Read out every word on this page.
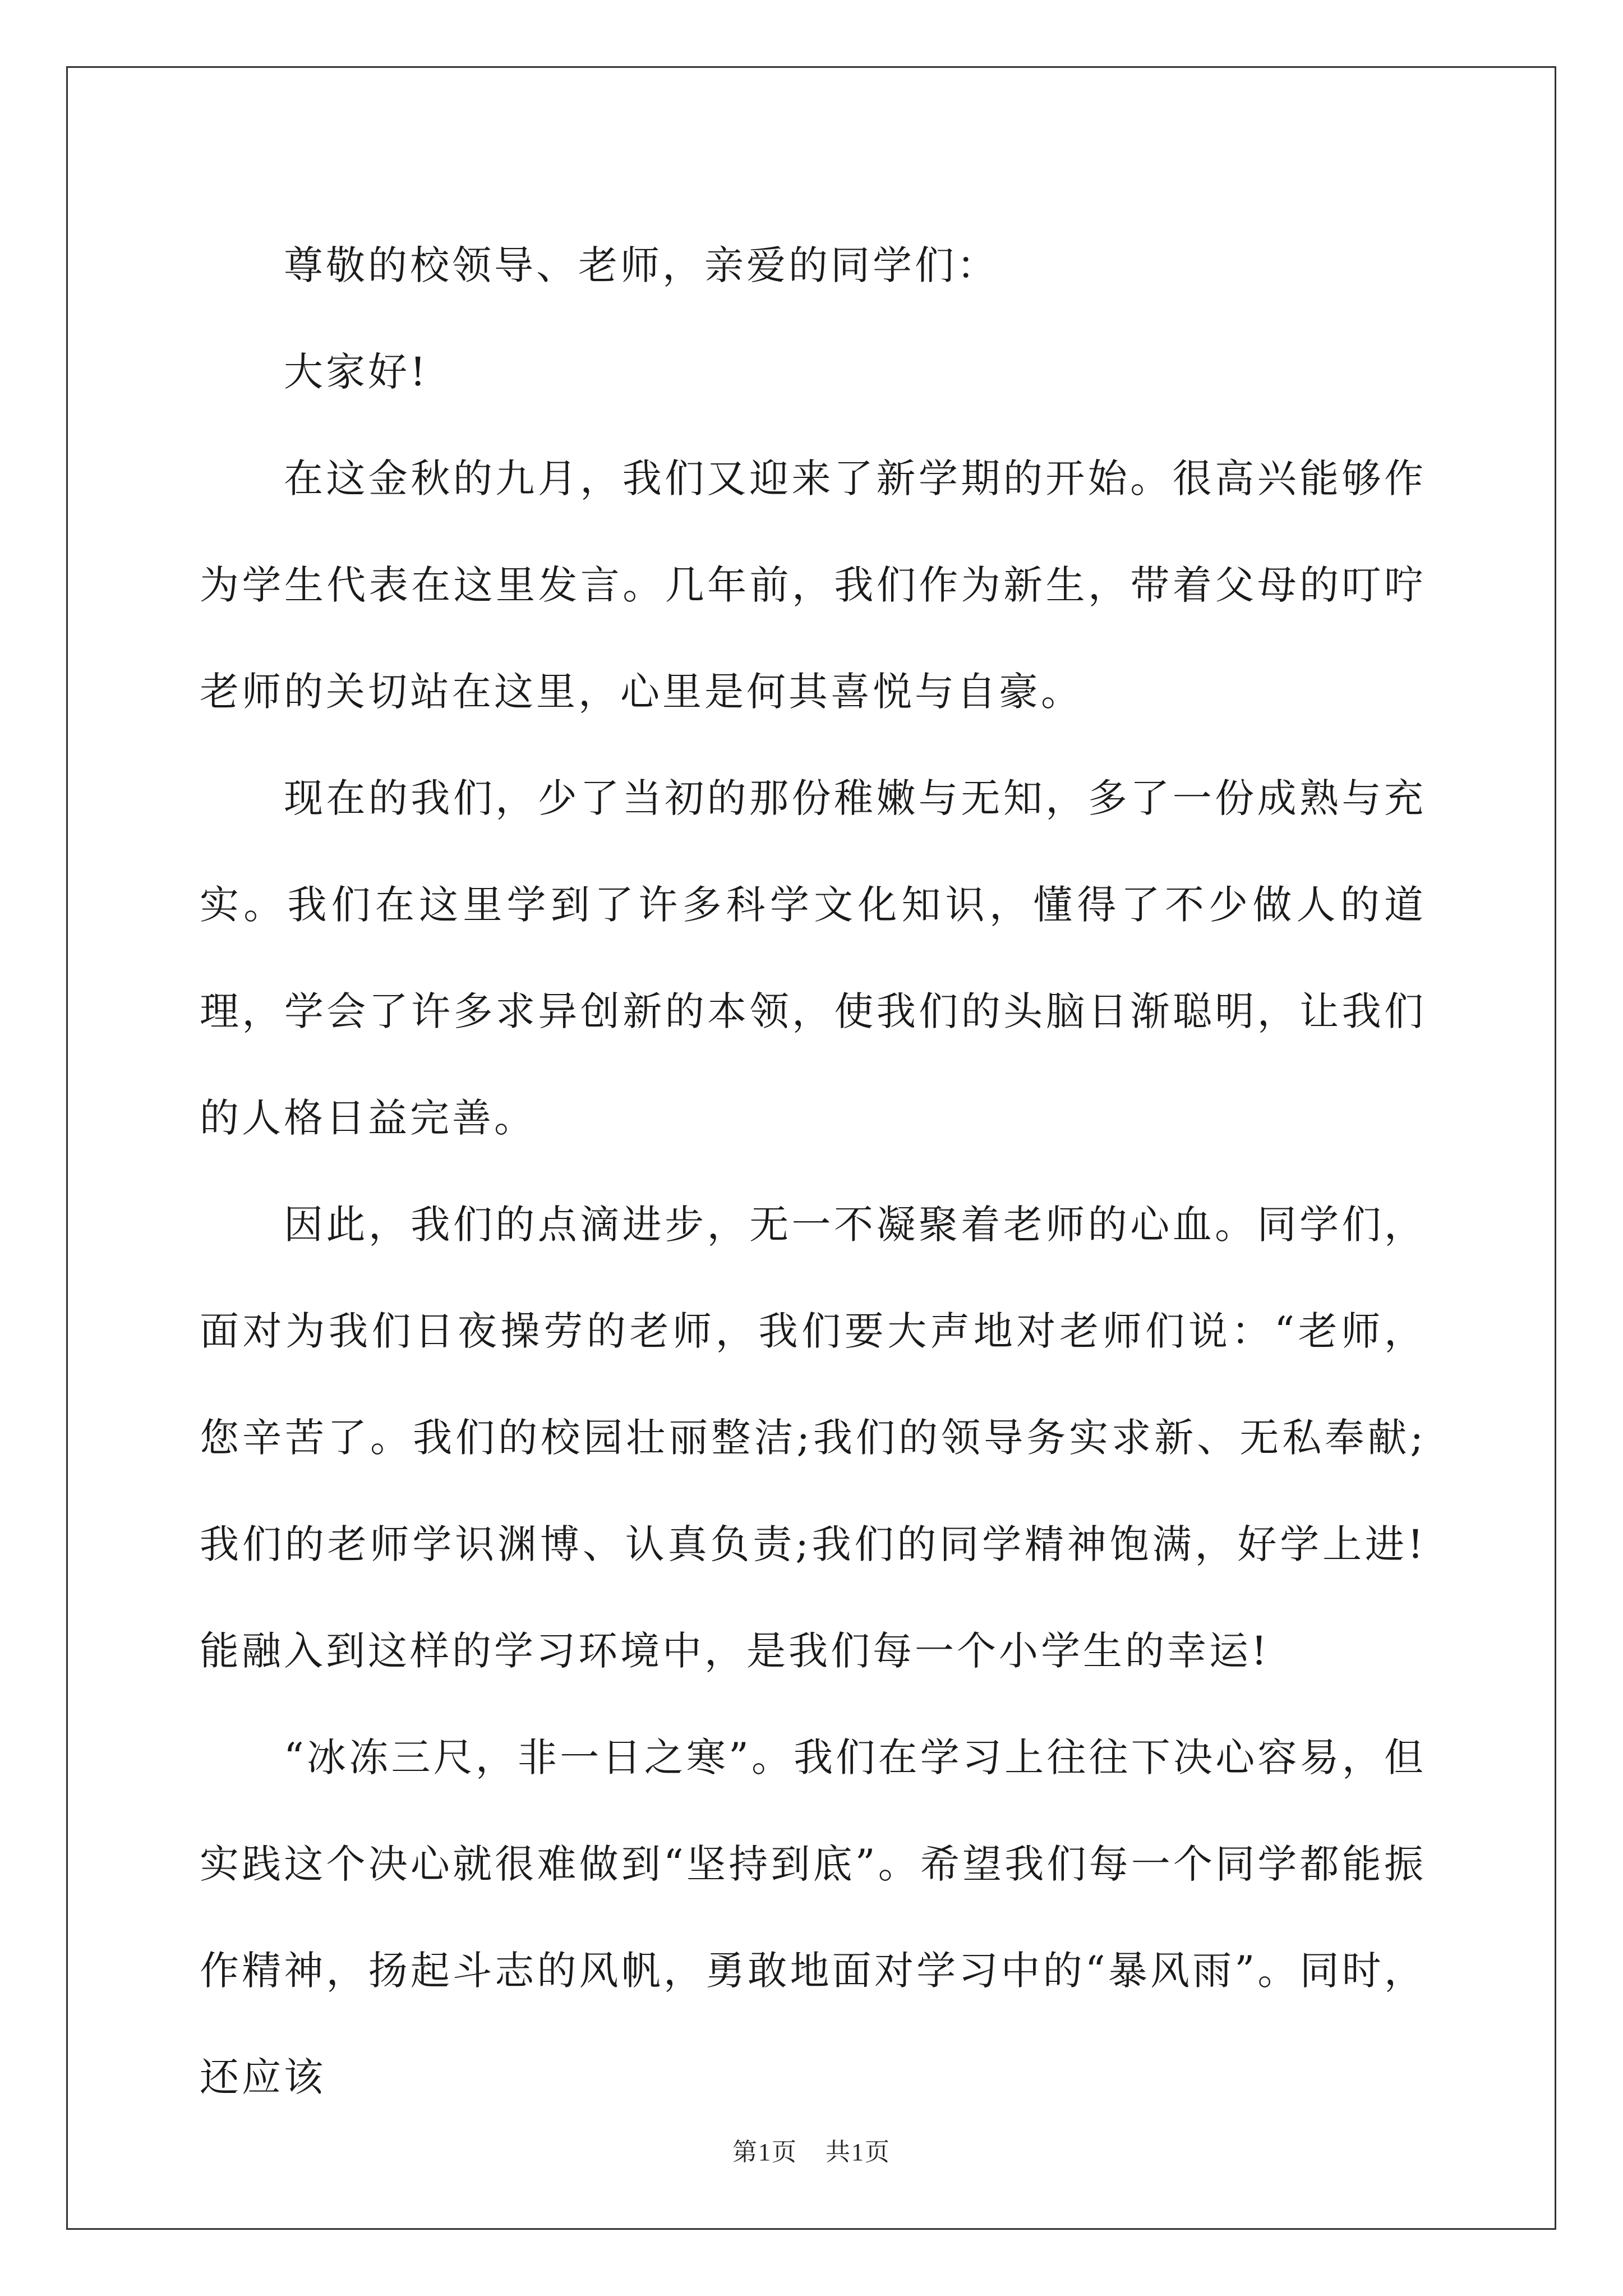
尊敬的校领导、老师，亲爱的同学们：

大家好!

在这金秋的九月，我们又迎来了新学期的开始。很高兴能够作为学生代表在这里发言。几年前，我们作为新生，带着父母的叮咛老师的关切站在这里，心里是何其喜悦与自豪。

现在的我们，少了当初的那份稚嫩与无知，多了一份成熟与充实。我们在这里学到了许多科学文化知识，懂得了不少做人的道理，学会了许多求异创新的本领，使我们的头脑日渐聪明，让我们的人格日益完善。

因此，我们的点滴进步，无一不凝聚着老师的心血。同学们，面对为我们日夜操劳的老师，我们要大声地对老师们说：“老师，您辛苦了。我们的校园壮丽整洁;我们的领导务实求新、无私奉献;我们的老师学识渊博、认真负责;我们的同学精神饱满，好学上进!能融入到这样的学习环境中，是我们每一个小学生的幸运!

“冰冻三尺，非一日之寒”。我们在学习上往往下决心容易，但实践这个决心就很难做到“坚持到底”。希望我们每一个同学都能振作精神，扬起斗志的风帆，勇敢地面对学习中的“暴风雨”。同时，还应该

第1页 共1页
